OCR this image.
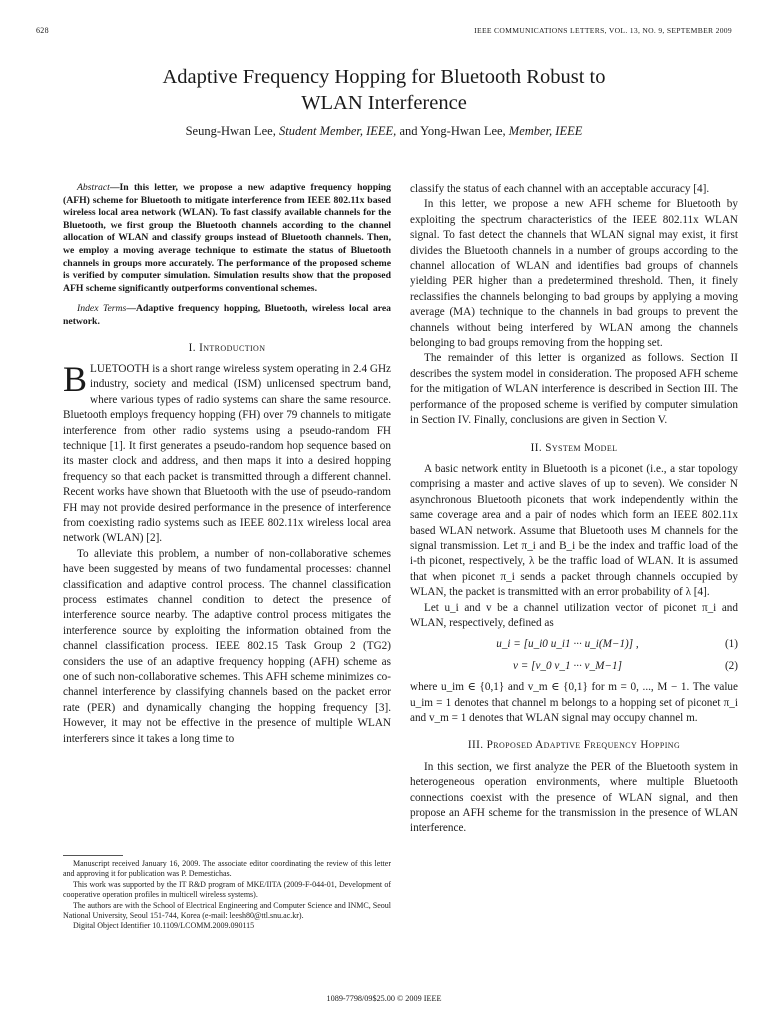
628	IEEE COMMUNICATIONS LETTERS, VOL. 13, NO. 9, SEPTEMBER 2009
Adaptive Frequency Hopping for Bluetooth Robust to
WLAN Interference
Seung-Hwan Lee, Student Member, IEEE, and Yong-Hwan Lee, Member, IEEE

Abstract—In this letter, we propose a new adaptive frequency hopping (AFH) scheme for Bluetooth to mitigate interference from IEEE 802.11x based wireless local area network (WLAN). To fast classify available channels for the Bluetooth, we first group the Bluetooth channels according to the channel allocation of WLAN and classify groups instead of Bluetooth channels. Then, we employ a moving average technique to estimate the status of Bluetooth channels in groups more accurately. The performance of the proposed scheme is verified by computer simulation. Simulation results show that the proposed AFH scheme significantly outperforms conventional schemes.

Index Terms—Adaptive frequency hopping, Bluetooth, wireless local area network.

I. Introduction

BLUETOOTH is a short range wireless system operating in 2.4 GHz industry, society and medical (ISM) unlicensed spectrum band, where various types of radio systems can share the same resource. Bluetooth employs frequency hopping (FH) over 79 channels to mitigate interference from other radio systems using a pseudo-random FH technique [1]. It first generates a pseudo-random hop sequence based on its master clock and address, and then maps it into a desired hopping frequency so that each packet is transmitted through a different channel. Recent works have shown that Bluetooth with the use of pseudo-random FH may not provide desired performance in the presence of interference from coexisting radio systems such as IEEE 802.11x wireless local area network (WLAN) [2].

To alleviate this problem, a number of non-collaborative schemes have been suggested by means of two fundamental processes: channel classification and adaptive control process. The channel classification process estimates channel condition to detect the presence of interference source nearby. The adaptive control process mitigates the interference source by exploiting the information obtained from the channel classification process. IEEE 802.15 Task Group 2 (TG2) considers the use of an adaptive frequency hopping (AFH) scheme as one of such non-collaborative schemes. This AFH scheme minimizes co-channel interference by classifying channels based on the packet error rate (PER) and dynamically changing the hopping frequency [3]. However, it may not be effective in the presence of multiple WLAN interferers since it takes a long time to

Manuscript received January 16, 2009. The associate editor coordinating the review of this letter and approving it for publication was P. Demestichas.

This work was supported by the IT R&D program of MKE/IITA (2009-F-044-01, Development of cooperative operation profiles in multicell wireless systems).

The authors are with the School of Electrical Engineering and Computer Science and INMC, Seoul National University, Seoul 151-744, Korea (e-mail: leesh80@ttl.snu.ac.kr).

Digital Object Identifier 10.1109/LCOMM.2009.090115

classify the status of each channel with an acceptable accuracy [4].

In this letter, we propose a new AFH scheme for Bluetooth by exploiting the spectrum characteristics of the IEEE 802.11x WLAN signal. To fast detect the channels that WLAN signal may exist, it first divides the Bluetooth channels in a number of groups according to the channel allocation of WLAN and identifies bad groups of channels yielding PER higher than a predetermined threshold. Then, it finely reclassifies the channels belonging to bad groups by applying a moving average (MA) technique to the channels in bad groups to prevent the channels without being interfered by WLAN among the channels belonging to bad groups removing from the hopping set.

The remainder of this letter is organized as follows. Section II describes the system model in consideration. The proposed AFH scheme for the mitigation of WLAN interference is described in Section III. The performance of the proposed scheme is verified by computer simulation in Section IV. Finally, conclusions are given in Section V.

II. System Model

A basic network entity in Bluetooth is a piconet (i.e., a star topology comprising a master and active slaves of up to seven). We consider N asynchronous Bluetooth piconets that work independently within the same coverage area and a pair of nodes which form an IEEE 802.11x based WLAN network. Assume that Bluetooth uses M channels for the signal transmission. Let π_i and B_i be the index and traffic load of the i-th piconet, respectively, λ be the traffic load of WLAN. It is assumed that when piconet π_i sends a packet through channels occupied by WLAN, the packet is transmitted with an error probability of λ [4].

Let u_i and v be a channel utilization vector of piconet π_i and WLAN, respectively, defined as

u_i = [u_i0 u_i1 ··· u_i(M−1)] ,	(1)
v = [v_0 v_1 ··· v_M−1]	(2)

where u_im ∈ {0,1} and v_m ∈ {0,1} for m = 0, ..., M − 1. The value u_im = 1 denotes that channel m belongs to a hopping set of piconet π_i and v_m = 1 denotes that WLAN signal may occupy channel m.

III. Proposed Adaptive Frequency Hopping

In this section, we first analyze the PER of the Bluetooth system in heterogeneous operation environments, where multiple Bluetooth connections coexist with the presence of WLAN signal, and then propose an AFH scheme for the transmission in the presence of WLAN interference.

1089-7798/09$25.00 © 2009 IEEE
